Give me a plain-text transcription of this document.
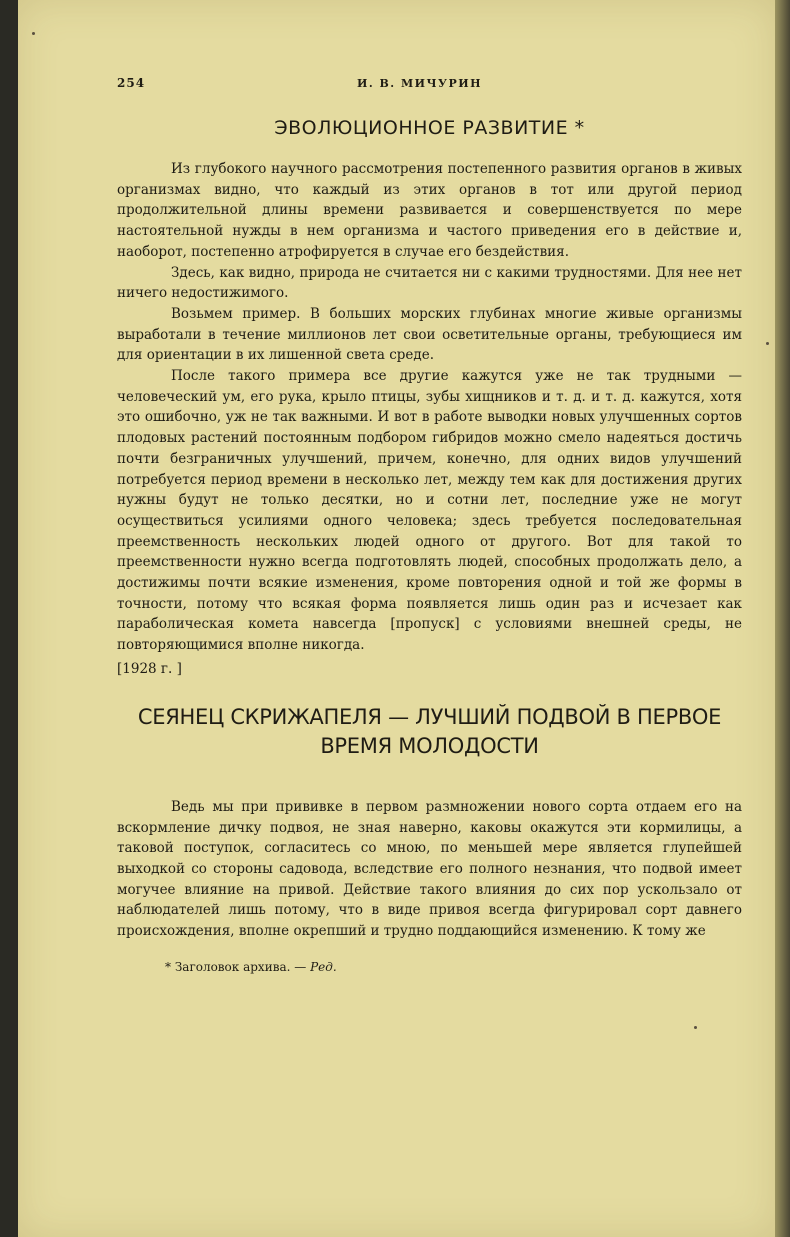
254	И. В. МИЧУРИН
ЭВОЛЮЦИОННОЕ РАЗВИТИЕ *

Из глубокого научного рассмотрения постепенного развития органов в живых организмах видно, что каждый из этих органов в тот или другой период продолжительной длины времени развивается и совершенствуется по мере настоятельной нужды в нем организма и частого приведения его в действие и, наоборот, постепенно атрофируется в случае его бездействия.

Здесь, как видно, природа не считается ни с какими трудностями. Для нее нет ничего недостижимого.

Возьмем пример. В больших морских глубинах многие живые организмы выработали в течение миллионов лет свои осветительные органы, требующиеся им для ориентации в их лишенной света среде.

После такого примера все другие кажутся уже не так трудными — человеческий ум, его рука, крыло птицы, зубы хищников и т. д. и т. д. кажутся, хотя это ошибочно, уж не так важными. И вот в работе выводки новых улучшенных сортов плодовых растений постоянным подбором гибридов можно смело надеяться достичь почти безграничных улучшений, причем, конечно, для одних видов улучшений потребуется период времени в несколько лет, между тем как для достижения других нужны будут не только десятки, но и сотни лет, последние уже не могут осуществиться усилиями одного человека; здесь требуется последовательная преемственность нескольких людей одного от другого. Вот для такой то преемственности нужно всегда подготовлять людей, способных продолжать дело, а достижимы почти всякие изменения, кроме повторения одной и той же формы в точности, потому что всякая форма появляется лишь один раз и исчезает как параболическая комета навсегда [пропуск] с условиями внешней среды, не повторяющимися вполне никогда.

[1928 г. ]
СЕЯНЕЦ СКРИЖАПЕЛЯ — ЛУЧШИЙ ПОДВОЙ В ПЕРВОЕ
ВРЕМЯ МОЛОДОСТИ

Ведь мы при прививке в первом размножении нового сорта отдаем его на вскормление дичку подвоя, не зная наверно, каковы окажутся эти кормилицы, а таковой поступок, согласитесь со мною, по меньшей мере является глупейшей выходкой со стороны садовода, вследствие его полного незнания, что подвой имеет могучее влияние на привой. Действие такого влияния до сих пор ускользало от наблюдателей лишь потому, что в виде привоя всегда фигурировал сорт давнего происхождения, вполне окрепший и трудно поддающийся изменению. К тому же

* Заголовок архива. — Ред.
